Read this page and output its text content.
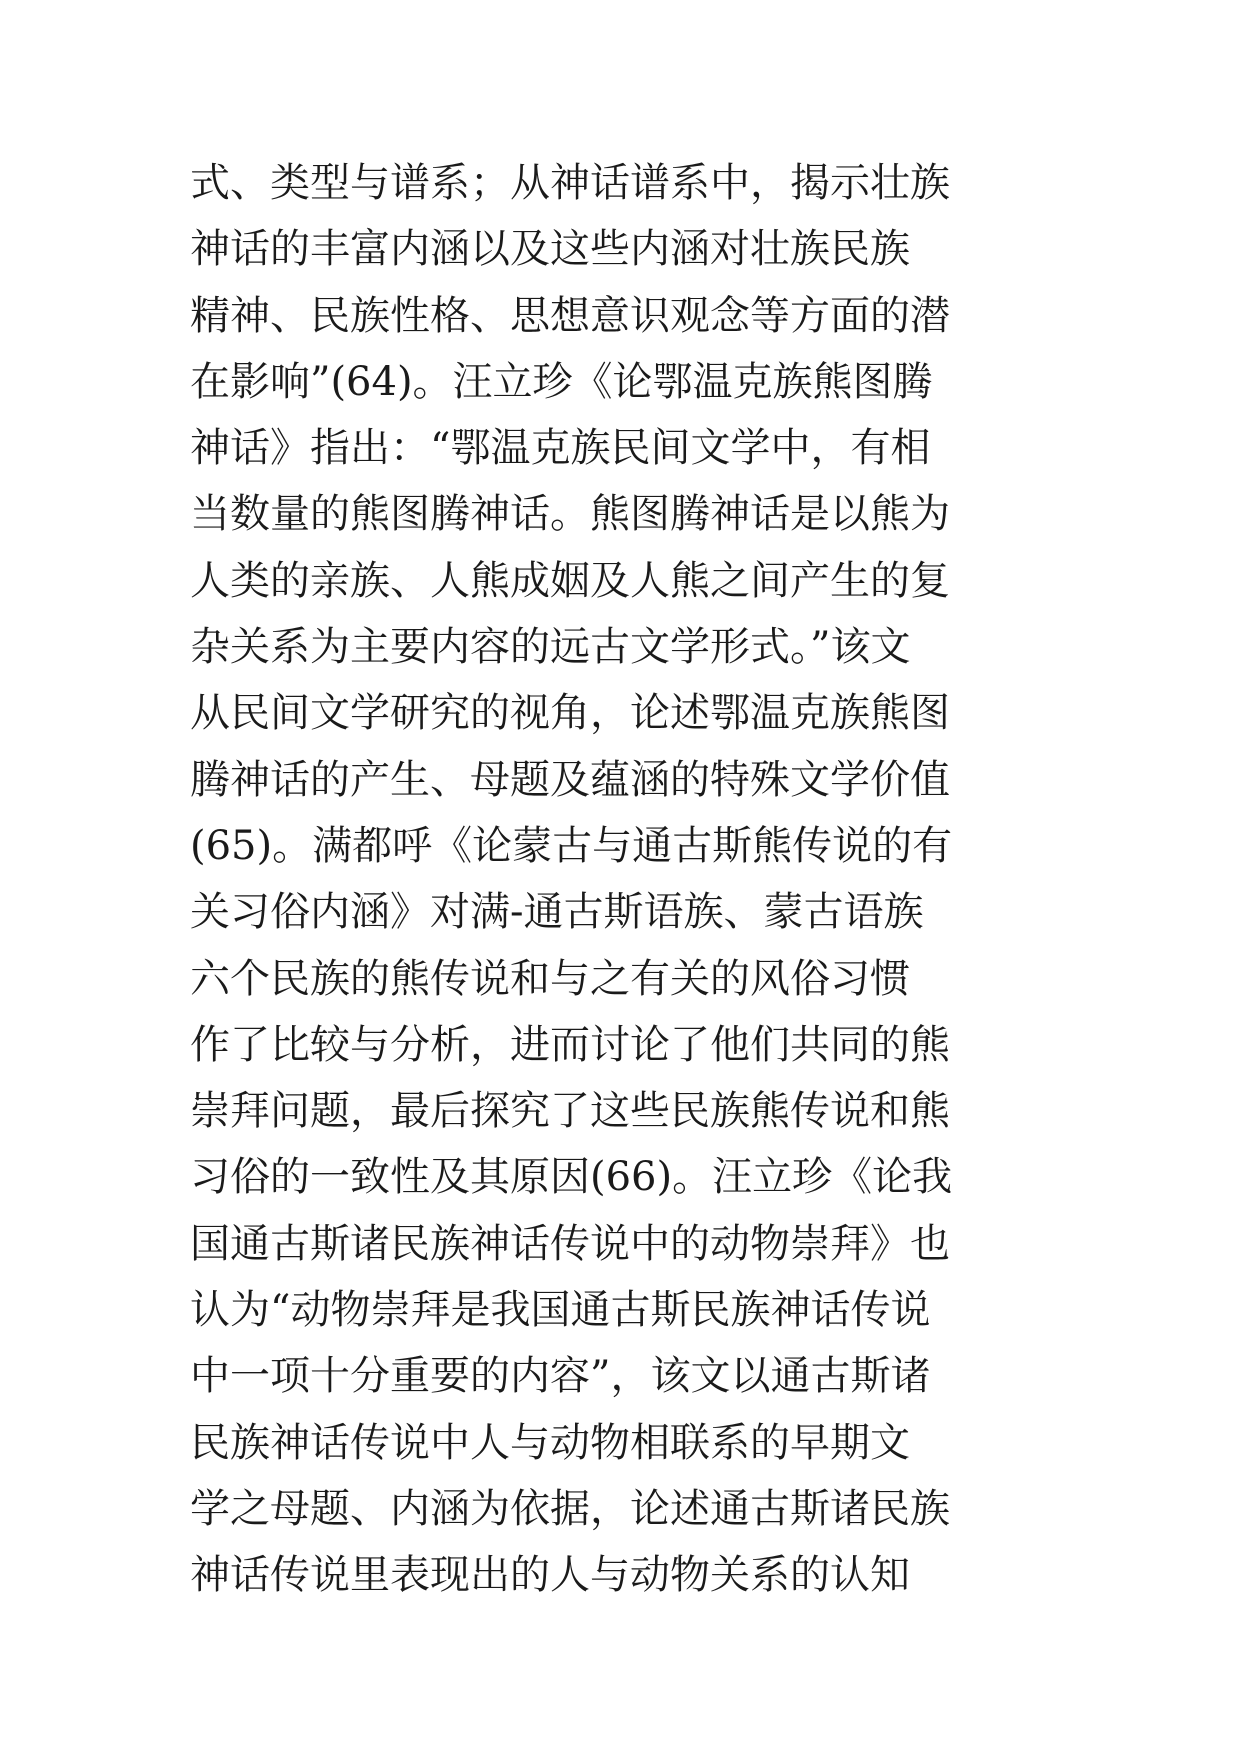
式、类型与谱系；从神话谱系中，揭示壮族
神话的丰富内涵以及这些内涵对壮族民族
精神、民族性格、思想意识观念等方面的潜
在影响”(64)。汪立珍《论鄂温克族熊图腾
神话》指出：“鄂温克族民间文学中，有相
当数量的熊图腾神话。熊图腾神话是以熊为
人类的亲族、人熊成姻及人熊之间产生的复
杂关系为主要内容的远古文学形式。”该文
从民间文学研究的视角，论述鄂温克族熊图
腾神话的产生、母题及蕴涵的特殊文学价值
(65)。满都呼《论蒙古与通古斯熊传说的有
关习俗内涵》对满-通古斯语族、蒙古语族
六个民族的熊传说和与之有关的风俗习惯
作了比较与分析，进而讨论了他们共同的熊
崇拜问题，最后探究了这些民族熊传说和熊
习俗的一致性及其原因(66)。汪立珍《论我
国通古斯诸民族神话传说中的动物崇拜》也
认为“动物崇拜是我国通古斯民族神话传说
中一项十分重要的内容”，该文以通古斯诸
民族神话传说中人与动物相联系的早期文
学之母题、内涵为依据，论述通古斯诸民族
神话传说里表现出的人与动物关系的认知
